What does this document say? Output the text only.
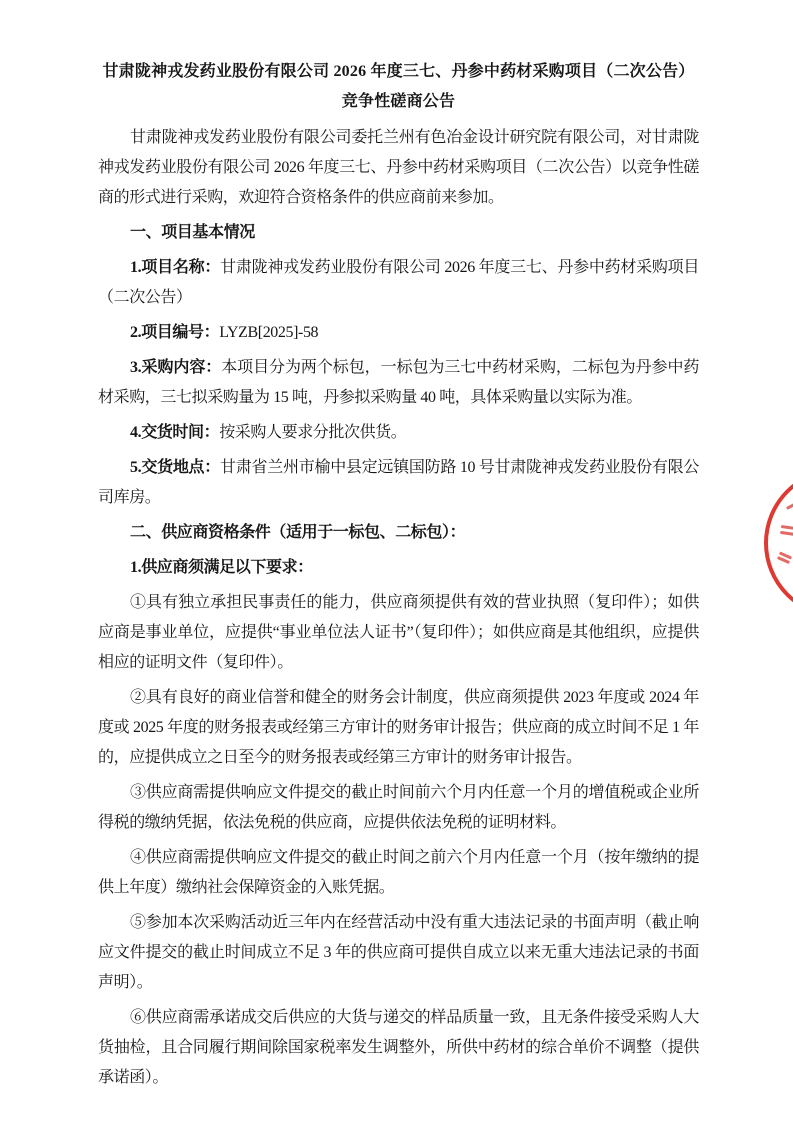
甘肃陇神戎发药业股份有限公司 2026 年度三七、丹参中药材采购项目（二次公告）

竞争性磋商公告

甘肃陇神戎发药业股份有限公司委托兰州有色冶金设计研究院有限公司，对甘肃陇神戎发药业股份有限公司 2026 年度三七、丹参中药材采购项目（二次公告）以竞争性磋商的形式进行采购，欢迎符合资格条件的供应商前来参加。

一、项目基本情况

1.项目名称：甘肃陇神戎发药业股份有限公司 2026 年度三七、丹参中药材采购项目（二次公告）

2.项目编号：LYZB[2025]-58

3.采购内容：本项目分为两个标包，一标包为三七中药材采购，二标包为丹参中药材采购，三七拟采购量为 15 吨，丹参拟采购量 40 吨，具体采购量以实际为准。

4.交货时间：按采购人要求分批次供货。

5.交货地点：甘肃省兰州市榆中县定远镇国防路 10 号甘肃陇神戎发药业股份有限公司库房。

二、供应商资格条件（适用于一标包、二标包）：

1.供应商须满足以下要求：

①具有独立承担民事责任的能力，供应商须提供有效的营业执照（复印件）；如供应商是事业单位，应提供“事业单位法人证书”（复印件）；如供应商是其他组织，应提供相应的证明文件（复印件）。

②具有良好的商业信誉和健全的财务会计制度，供应商须提供 2023 年度或 2024 年度或 2025 年度的财务报表或经第三方审计的财务审计报告；供应商的成立时间不足 1 年的，应提供成立之日至今的财务报表或经第三方审计的财务审计报告。

③供应商需提供响应文件提交的截止时间前六个月内任意一个月的增值税或企业所得税的缴纳凭据，依法免税的供应商，应提供依法免税的证明材料。

④供应商需提供响应文件提交的截止时间之前六个月内任意一个月（按年缴纳的提供上年度）缴纳社会保障资金的入账凭据。

⑤参加本次采购活动近三年内在经营活动中没有重大违法记录的书面声明（截止响应文件提交的截止时间成立不足 3 年的供应商可提供自成立以来无重大违法记录的书面声明）。

⑥供应商需承诺成交后供应的大货与递交的样品质量一致，且无条件接受采购人大货抽检，且合同履行期间除国家税率发生调整外，所供中药材的综合单价不调整（提供承诺函）。
